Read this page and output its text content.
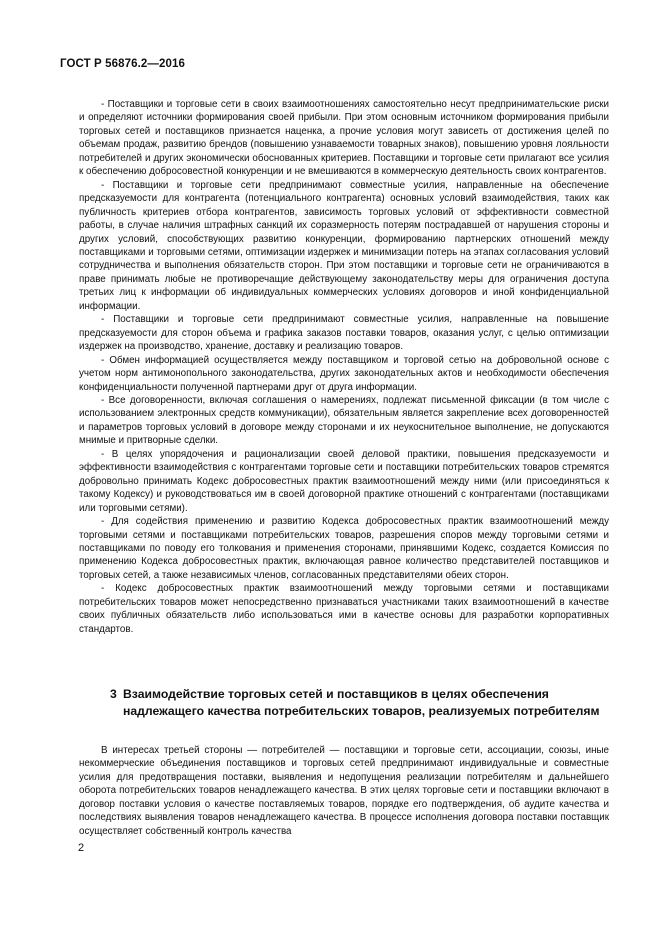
ГОСТ Р 56876.2—2016

- Поставщики и торговые сети в своих взаимоотношениях самостоятельно несут предпринимательские риски и определяют источники формирования своей прибыли. При этом основным источником формирования прибыли торговых сетей и поставщиков признается наценка, а прочие условия могут зависеть от достижения целей по объемам продаж, развитию брендов (повышению узнаваемости товарных знаков), повышению уровня лояльности потребителей и других экономически обоснованных критериев. Поставщики и торговые сети прилагают все усилия к обеспечению добросовестной конкуренции и не вмешиваются в коммерческую деятельность своих контрагентов.

- Поставщики и торговые сети предпринимают совместные усилия, направленные на обеспечение предсказуемости для контрагента (потенциального контрагента) основных условий взаимодействия, таких как публичность критериев отбора контрагентов, зависимость торговых условий от эффективности совместной работы, в случае наличия штрафных санкций их соразмерность потерям пострадавшей от нарушения стороны и других условий, способствующих развитию конкуренции, формированию партнерских отношений между поставщиками и торговыми сетями, оптимизации издержек и минимизации потерь на этапах согласования условий сотрудничества и выполнения обязательств сторон. При этом поставщики и торговые сети не ограничиваются в праве принимать любые не противоречащие действующему законодательству меры для ограничения доступа третьих лиц к информации об индивидуальных коммерческих условиях договоров и иной конфиденциальной информации.

- Поставщики и торговые сети предпринимают совместные усилия, направленные на повышение предсказуемости для сторон объема и графика заказов поставки товаров, оказания услуг, с целью оптимизации издержек на производство, хранение, доставку и реализацию товаров.

- Обмен информацией осуществляется между поставщиком и торговой сетью на добровольной основе с учетом норм антимонопольного законодательства, других законодательных актов и необходимости обеспечения конфиденциальности полученной партнерами друг от друга информации.

- Все договоренности, включая соглашения о намерениях, подлежат письменной фиксации (в том числе с использованием электронных средств коммуникации), обязательным является закрепление всех договоренностей и параметров торговых условий в договоре между сторонами и их неукоснительное выполнение, не допускаются мнимые и притворные сделки.

- В целях упорядочения и рационализации своей деловой практики, повышения предсказуемости и эффективности взаимодействия с контрагентами торговые сети и поставщики потребительских товаров стремятся добровольно принимать Кодекс добросовестных практик взаимоотношений между ними (или присоединяться к такому Кодексу) и руководствоваться им в своей договорной практике отношений с контрагентами (поставщиками или торговыми сетями).

- Для содействия применению и развитию Кодекса добросовестных практик взаимоотношений между торговыми сетями и поставщиками потребительских товаров, разрешения споров между торговыми сетями и поставщиками по поводу его толкования и применения сторонами, принявшими Кодекс, создается Комиссия по применению Кодекса добросовестных практик, включающая равное количество представителей поставщиков и торговых сетей, а также независимых членов, согласованных представителями обеих сторон.

- Кодекс добросовестных практик взаимоотношений между торговыми сетями и поставщиками потребительских товаров может непосредственно признаваться участниками таких взаимоотношений в качестве своих публичных обязательств либо использоваться ими в качестве основы для разработки корпоративных стандартов.

3 Взаимодействие торговых сетей и поставщиков в целях обеспечения надлежащего качества потребительских товаров, реализуемых потребителям

В интересах третьей стороны — потребителей — поставщики и торговые сети, ассоциации, союзы, иные некоммерческие объединения поставщиков и торговых сетей предпринимают индивидуальные и совместные усилия для предотвращения поставки, выявления и недопущения реализации потребителям и дальнейшего оборота потребительских товаров ненадлежащего качества. В этих целях торговые сети и поставщики включают в договор поставки условия о качестве поставляемых товаров, порядке его подтверждения, об аудите качества и последствиях выявления товаров ненадлежащего качества. В процессе исполнения договора поставки поставщик осуществляет собственный контроль качества

2
